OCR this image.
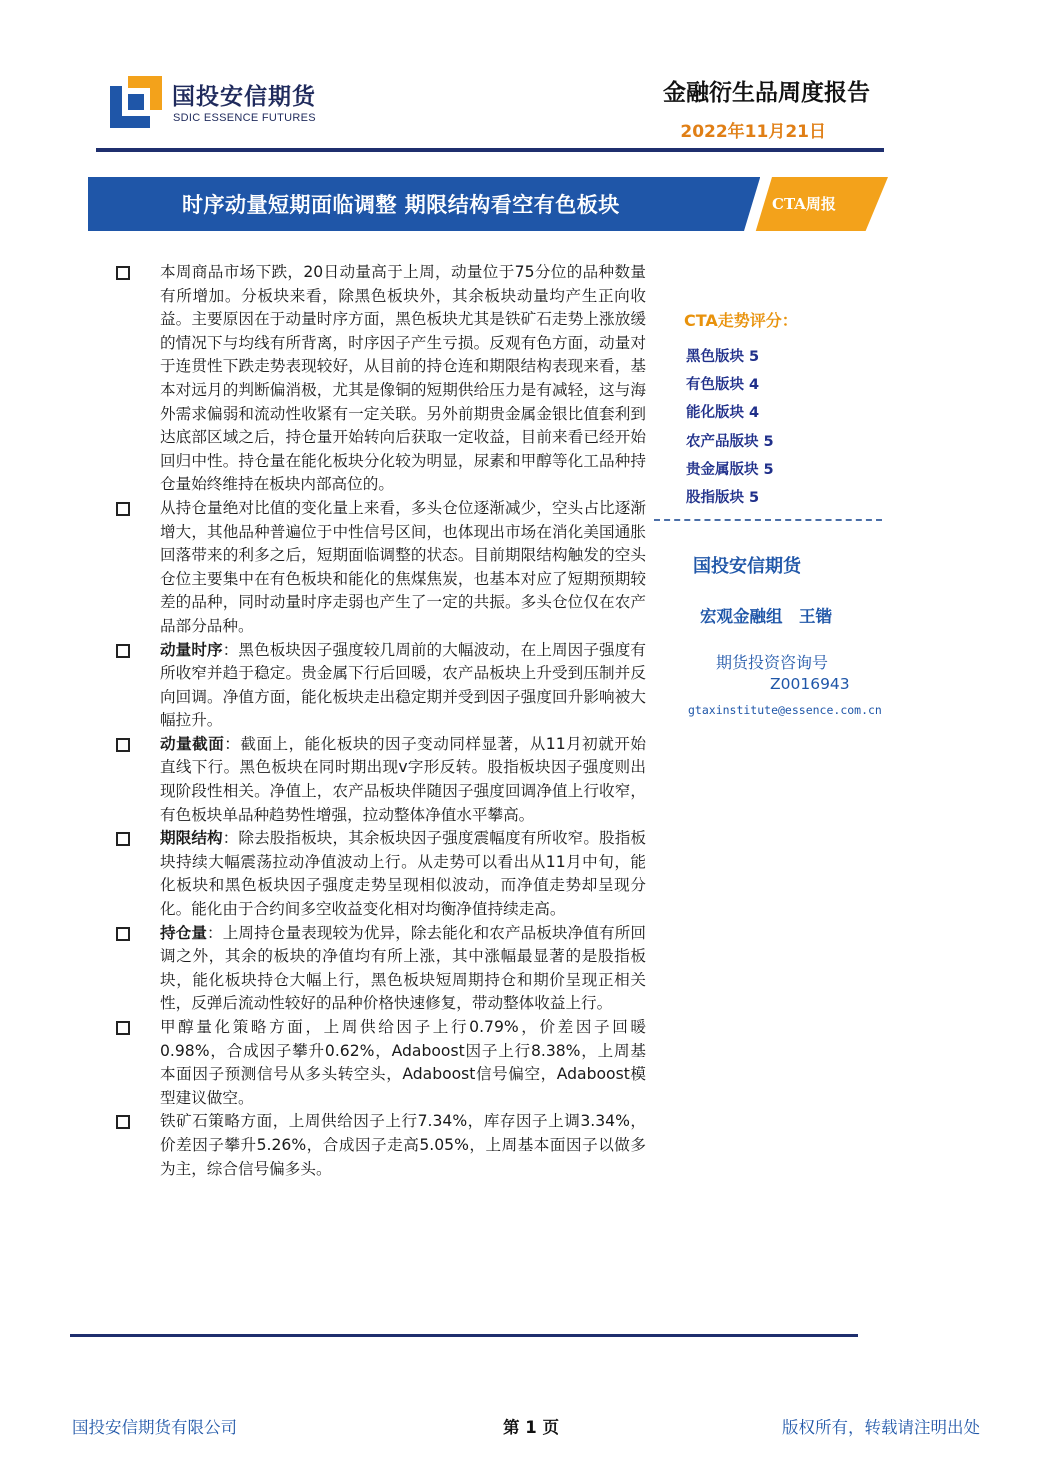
国投安信期货
SDIC ESSENCE FUTURES
金融衍生品周度报告
2022年11月21日
时序动量短期面临调整 期限结构看空有色板块	CTA周报

本周商品市场下跌，20日动量高于上周，动量位于75分位的品种数量有所增加。分板块来看，除黑色板块外，其余板块动量均产生正向收益。主要原因在于动量时序方面，黑色板块尤其是铁矿石走势上涨放缓的情况下与均线有所背离，时序因子产生亏损。反观有色方面，动量对于连贯性下跌走势表现较好，从目前的持仓连和期限结构表现来看，基本对远月的判断偏消极，尤其是像铜的短期供给压力是有减轻，这与海外需求偏弱和流动性收紧有一定关联。另外前期贵金属金银比值套利到达底部区域之后，持仓量开始转向后获取一定收益，目前来看已经开始回归中性。持仓量在能化板块分化较为明显，尿素和甲醇等化工品种持仓量始终维持在板块内部高位的。

从持仓量绝对比值的变化量上来看，多头仓位逐渐减少，空头占比逐渐增大，其他品种普遍位于中性信号区间，也体现出市场在消化美国通胀回落带来的利多之后，短期面临调整的状态。目前期限结构触发的空头仓位主要集中在有色板块和能化的焦煤焦炭，也基本对应了短期预期较差的品种，同时动量时序走弱也产生了一定的共振。多头仓位仅在农产品部分品种。

动量时序：黑色板块因子强度较几周前的大幅波动，在上周因子强度有所收窄并趋于稳定。贵金属下行后回暖，农产品板块上升受到压制并反向回调。净值方面，能化板块走出稳定期并受到因子强度回升影响被大幅拉升。

动量截面：截面上，能化板块的因子变动同样显著，从11月初就开始直线下行。黑色板块在同时期出现v字形反转。股指板块因子强度则出现阶段性相关。净值上，农产品板块伴随因子强度回调净值上行收窄，有色板块单品种趋势性增强，拉动整体净值水平攀高。

期限结构：除去股指板块，其余板块因子强度震幅度有所收窄。股指板块持续大幅震荡拉动净值波动上行。从走势可以看出从11月中旬，能化板块和黑色板块因子强度走势呈现相似波动，而净值走势却呈现分化。能化由于合约间多空收益变化相对均衡净值持续走高。

持仓量：上周持仓量表现较为优异，除去能化和农产品板块净值有所回调之外，其余的板块的净值均有所上涨，其中涨幅最显著的是股指板块，能化板块持仓大幅上行，黑色板块短周期持仓和期价呈现正相关性，反弹后流动性较好的品种价格快速修复，带动整体收益上行。

甲醇量化策略方面，上周供给因子上行0.79%，价差因子回暖0.98%，合成因子攀升0.62%，Adaboost因子上行8.38%，上周基本面因子预测信号从多头转空头，Adaboost信号偏空，Adaboost模型建议做空。

铁矿石策略方面，上周供给因子上行7.34%，库存因子上调3.34%，价差因子攀升5.26%，合成因子走高5.05%，上周基本面因子以做多为主，综合信号偏多头。

CTA走势评分：
黑色版块 5
有色版块 4
能化版块 4
农产品版块 5
贵金属版块 5
股指版块 5
国投安信期货
宏观金融组　王锴
期货投资咨询号
Z0016943
gtaxinstitute@essence.com.cn
国投安信期货有限公司	第 1 页	版权所有，转载请注明出处
